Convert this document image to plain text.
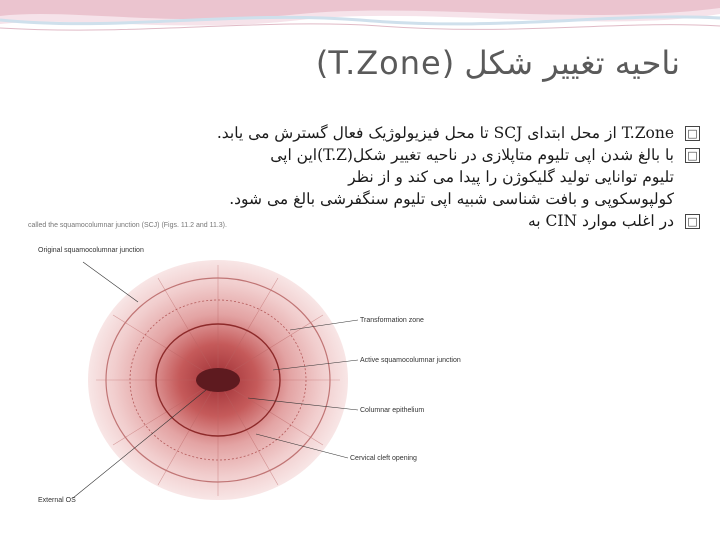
ناحیه تغییر شکل (T.Zone)
□
T.Zone از محل ابتدای SCJ تا محل فیزیولوژیک فعال گسترش می یابد.
□
با بالغ شدن اپی تلیوم متاپلازی در ناحیه تغییر شکل(T.Z)این اپی
تلیوم توانایی تولید گلیکوژن را پیدا می کند و از نظر
کولپوسکوپی و بافت شناسی شبیه اپی تلیوم سنگفرشی بالغ می شود.
□
در اغلب موارد CIN به
called the squamocolumnar junction (SCJ) (Figs. 11.2 and 11.3).
Original squamocolumnar junction
Transformation zone
Active squamocolumnar junction
Columnar epithelium
Cervical cleft opening
External OS
